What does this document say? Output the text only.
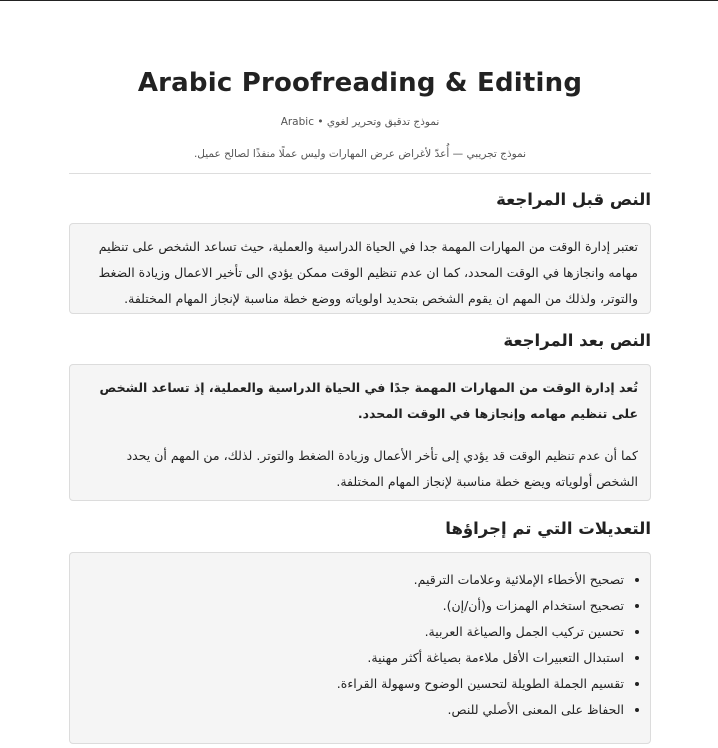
Arabic Proofreading & Editing
نموذج تدقيق وتحرير لغوي • Arabic
نموذج تجريبي — أُعدّ لأغراض عرض المهارات وليس عملًا منفذًا لصالح عميل.
النص قبل المراجعة

تعتبر إدارة الوقت من المهارات المهمة جدا في الحياة الدراسية والعملية، حيث تساعد الشخص على تنظيم مهامه وانجازها في الوقت المحدد، كما ان عدم تنظيم الوقت ممكن يؤدي الى تأخير الاعمال وزيادة الضغط والتوتر، ولذلك من المهم ان يقوم الشخص بتحديد اولوياته ووضع خطة مناسبة لإنجاز المهام المختلفة.

النص بعد المراجعة

تُعد إدارة الوقت من المهارات المهمة جدًا في الحياة الدراسية والعملية، إذ تساعد الشخص على تنظيم مهامه وإنجازها في الوقت المحدد.

كما أن عدم تنظيم الوقت قد يؤدي إلى تأخر الأعمال وزيادة الضغط والتوتر. لذلك، من المهم أن يحدد الشخص أولوياته ويضع خطة مناسبة لإنجاز المهام المختلفة.

التعديلات التي تم إجراؤها
• تصحيح الأخطاء الإملائية وعلامات الترقيم.
• تصحيح استخدام الهمزات و(أن/إن).
• تحسين تركيب الجمل والصياغة العربية.
• استبدال التعبيرات الأقل ملاءمة بصياغة أكثر مهنية.
• تقسيم الجملة الطويلة لتحسين الوضوح وسهولة القراءة.
• الحفاظ على المعنى الأصلي للنص.
